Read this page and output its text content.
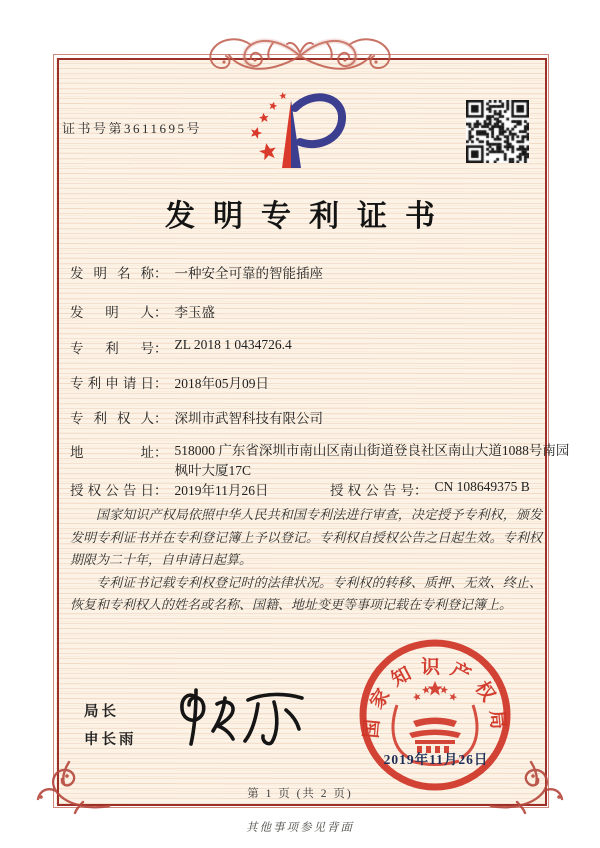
证书号第3611695号
发明专利证书
发明名称： 一种安全可靠的智能插座
发明人： 李玉盛
专利号： ZL 2018 1 0434726.4
专利申请日： 2018年05月09日
专利权人： 深圳市武智科技有限公司
地址： 518000 广东省深圳市南山区南山街道登良社区南山大道1088号南园枫叶大厦17C
授权公告日： 2019年11月26日	授权公告号： CN 108649375 B

国家知识产权局依照中华人民共和国专利法进行审查，决定授予专利权，颁发发明专利证书并在专利登记簿上予以登记。专利权自授权公告之日起生效。专利权期限为二十年，自申请日起算。

专利证书记载专利权登记时的法律状况。专利权的转移、质押、无效、终止、恢复和专利权人的姓名或名称、国籍、地址变更等事项记载在专利登记簿上。

局长
申长雨
国家知识产权局
2019年11月26日
第 1 页 (共 2 页)
其他事项参见背面
